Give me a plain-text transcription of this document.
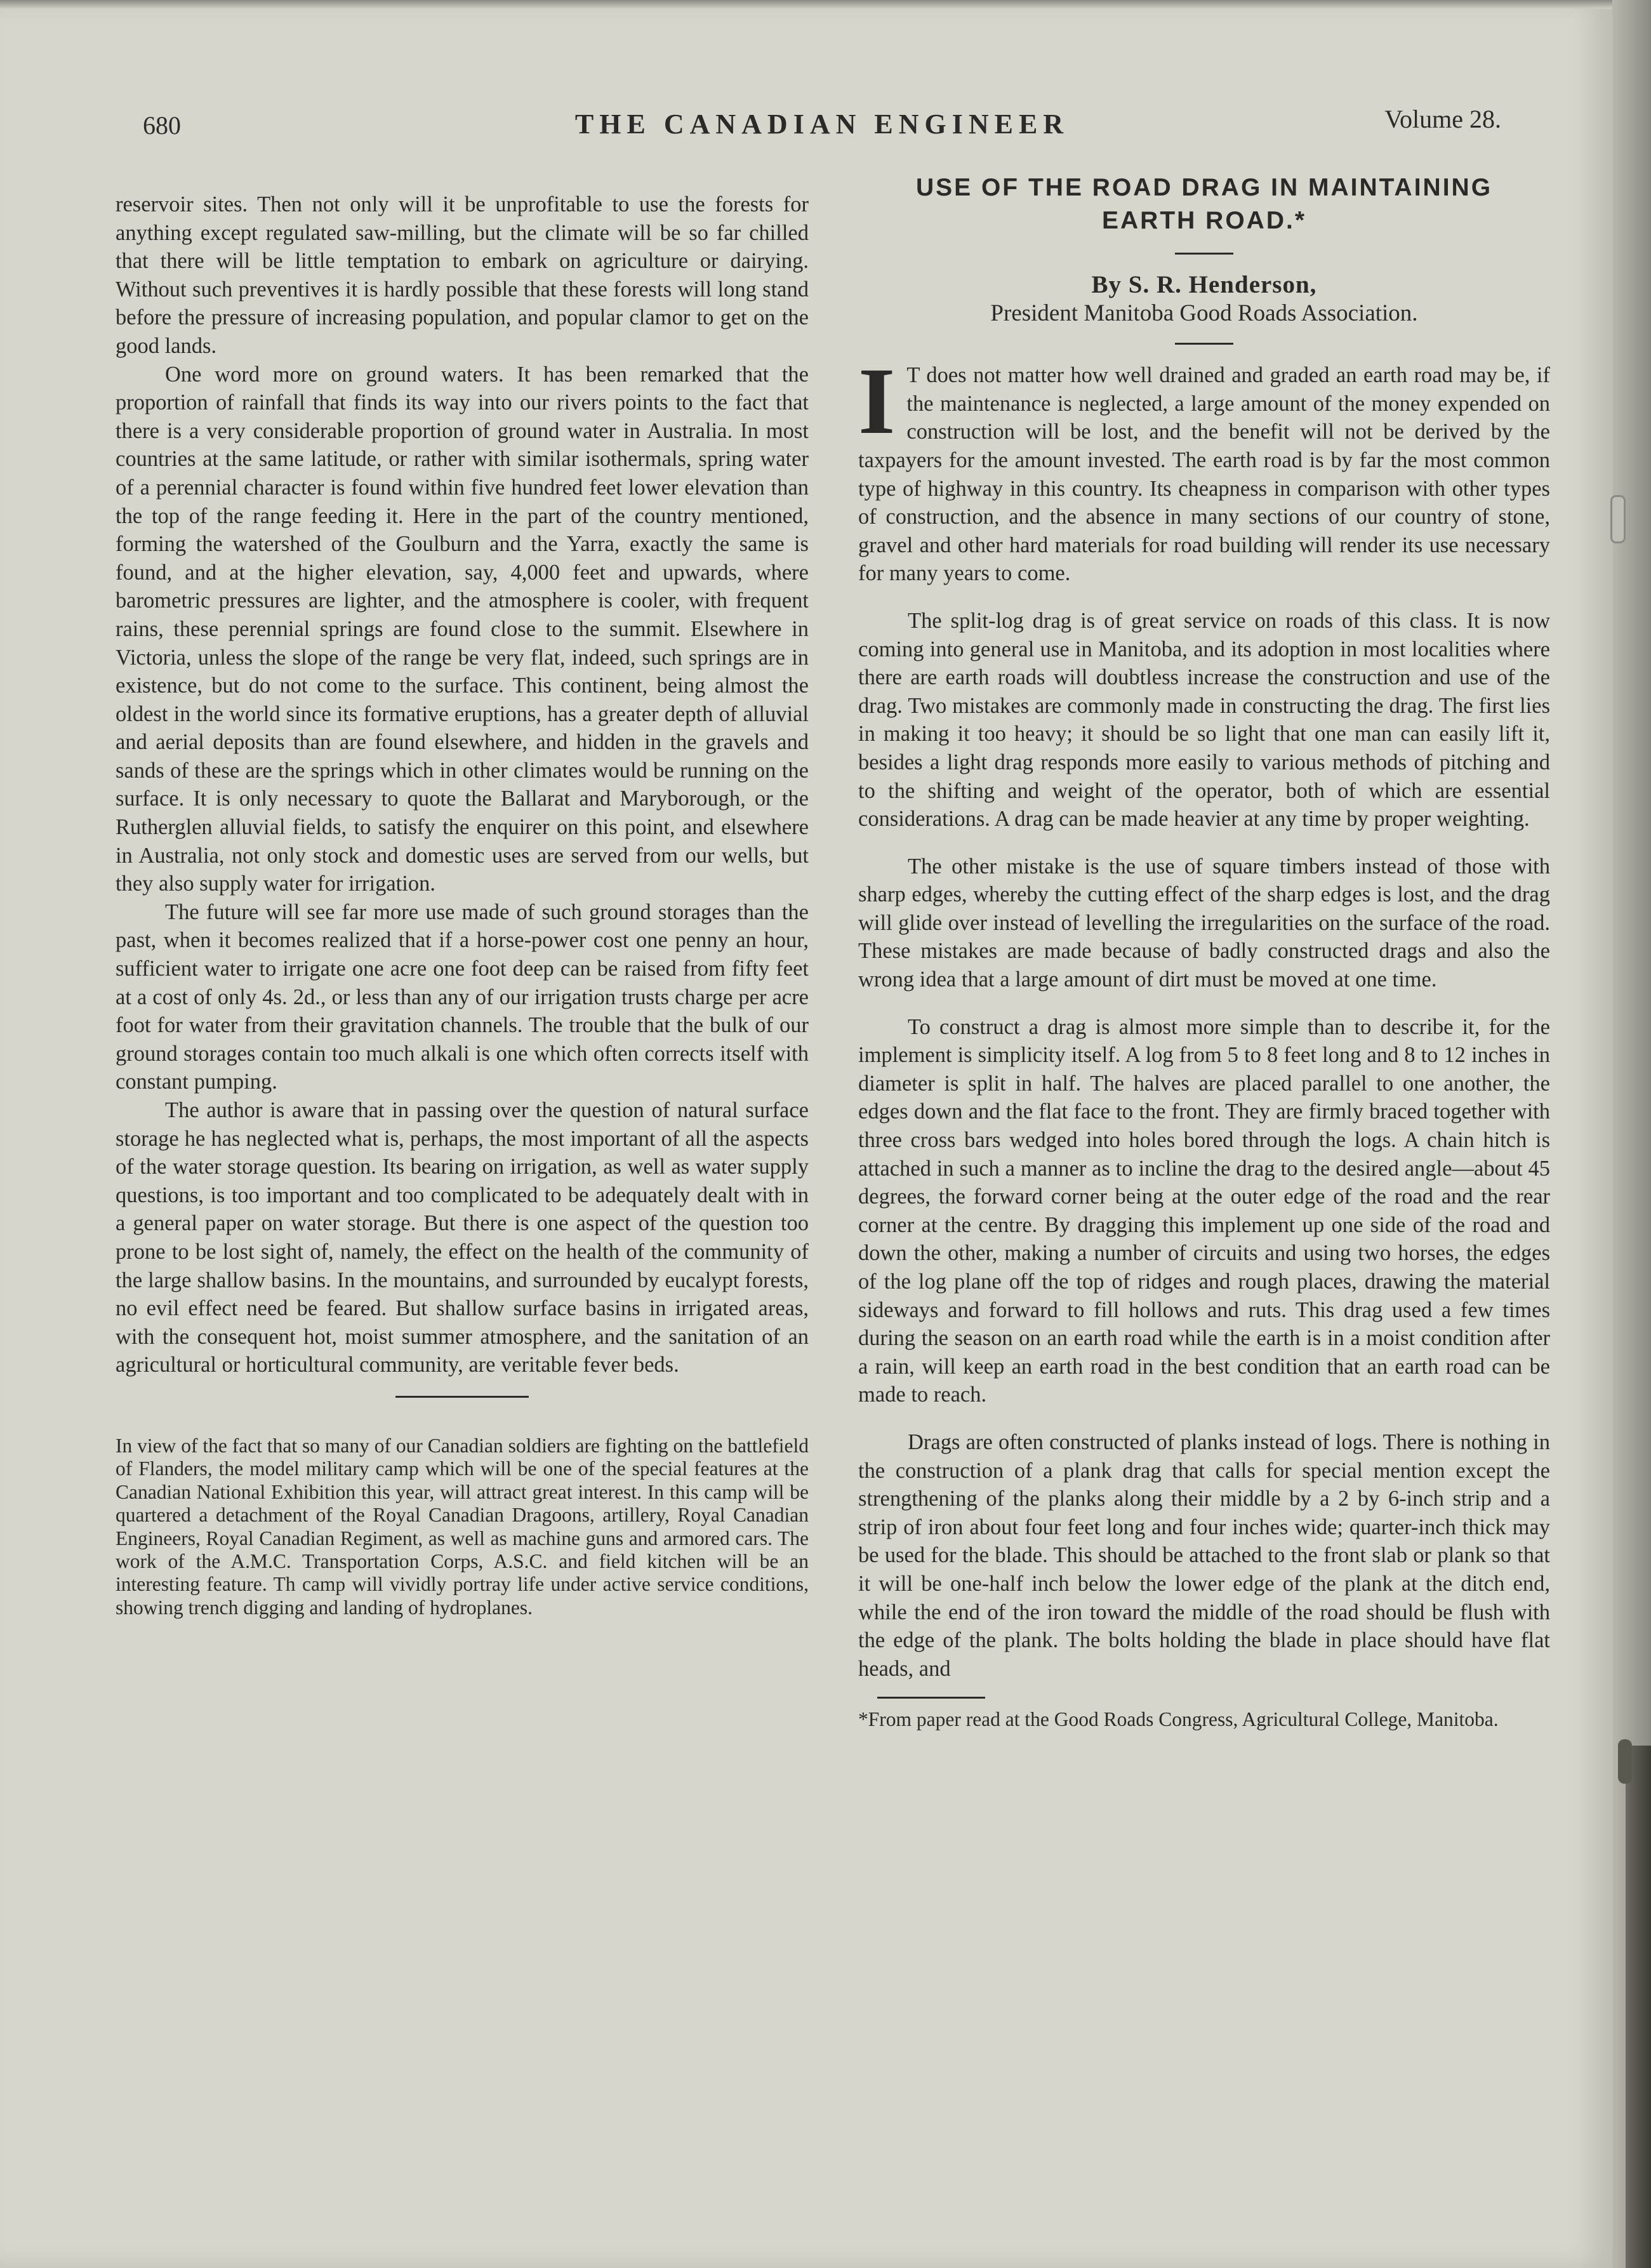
680	THE CANADIAN ENGINEER	Volume 28.

reservoir sites. Then not only will it be unprofitable to use the forests for anything except regulated saw-milling, but the climate will be so far chilled that there will be little temptation to embark on agriculture or dairying. Without such preventives it is hardly possible that these forests will long stand before the pressure of increasing population, and popular clamor to get on the good lands.

One word more on ground waters. It has been remarked that the proportion of rainfall that finds its way into our rivers points to the fact that there is a very considerable proportion of ground water in Australia. In most countries at the same latitude, or rather with similar isothermals, spring water of a perennial character is found within five hundred feet lower elevation than the top of the range feeding it. Here in the part of the country mentioned, forming the watershed of the Goulburn and the Yarra, exactly the same is found, and at the higher elevation, say, 4,000 feet and upwards, where barometric pressures are lighter, and the atmosphere is cooler, with frequent rains, these perennial springs are found close to the summit. Elsewhere in Victoria, unless the slope of the range be very flat, indeed, such springs are in existence, but do not come to the surface. This continent, being almost the oldest in the world since its formative eruptions, has a greater depth of alluvial and aerial deposits than are found elsewhere, and hidden in the gravels and sands of these are the springs which in other climates would be running on the surface. It is only necessary to quote the Ballarat and Maryborough, or the Rutherglen alluvial fields, to satisfy the enquirer on this point, and elsewhere in Australia, not only stock and domestic uses are served from our wells, but they also supply water for irrigation.

The future will see far more use made of such ground storages than the past, when it becomes realized that if a horse-power cost one penny an hour, sufficient water to irrigate one acre one foot deep can be raised from fifty feet at a cost of only 4s. 2d., or less than any of our irrigation trusts charge per acre foot for water from their gravitation channels. The trouble that the bulk of our ground storages contain too much alkali is one which often corrects itself with constant pumping.

The author is aware that in passing over the question of natural surface storage he has neglected what is, perhaps, the most important of all the aspects of the water storage question. Its bearing on irrigation, as well as water supply questions, is too important and too complicated to be adequately dealt with in a general paper on water storage. But there is one aspect of the question too prone to be lost sight of, namely, the effect on the health of the community of the large shallow basins. In the mountains, and surrounded by eucalypt forests, no evil effect need be feared. But shallow surface basins in irrigated areas, with the consequent hot, moist summer atmosphere, and the sanitation of an agricultural or horticultural community, are veritable fever beds.

In view of the fact that so many of our Canadian soldiers are fighting on the battlefield of Flanders, the model military camp which will be one of the special features at the Canadian National Exhibition this year, will attract great interest. In this camp will be quartered a detachment of the Royal Canadian Dragoons, artillery, Royal Canadian Engineers, Royal Canadian Regiment, as well as machine guns and armored cars. The work of the A.M.C. Transportation Corps, A.S.C. and field kitchen will be an interesting feature. Th camp will vividly portray life under active service conditions, showing trench digging and landing of hydroplanes.

USE OF THE ROAD DRAG IN MAINTAINING

EARTH ROAD.*

By S. R. Henderson,

President Manitoba Good Roads Association.

I T does not matter how well drained and graded an earth road may be, if the maintenance is neglected, a large amount of the money expended on construction will be lost, and the benefit will not be derived by the taxpayers for the amount invested. The earth road is by far the most common type of highway in this country. Its cheapness in comparison with other types of construction, and the absence in many sections of our country of stone, gravel and other hard materials for road building will render its use necessary for many years to come.

The split-log drag is of great service on roads of this class. It is now coming into general use in Manitoba, and its adoption in most localities where there are earth roads will doubtless increase the construction and use of the drag. Two mistakes are commonly made in constructing the drag. The first lies in making it too heavy; it should be so light that one man can easily lift it, besides a light drag responds more easily to various methods of pitching and to the shifting and weight of the operator, both of which are essential considerations. A drag can be made heavier at any time by proper weighting.

The other mistake is the use of square timbers instead of those with sharp edges, whereby the cutting effect of the sharp edges is lost, and the drag will glide over instead of levelling the irregularities on the surface of the road. These mistakes are made because of badly constructed drags and also the wrong idea that a large amount of dirt must be moved at one time.

To construct a drag is almost more simple than to describe it, for the implement is simplicity itself. A log from 5 to 8 feet long and 8 to 12 inches in diameter is split in half. The halves are placed parallel to one another, the edges down and the flat face to the front. They are firmly braced together with three cross bars wedged into holes bored through the logs. A chain hitch is attached in such a manner as to incline the drag to the desired angle—about 45 degrees, the forward corner being at the outer edge of the road and the rear corner at the centre. By dragging this implement up one side of the road and down the other, making a number of circuits and using two horses, the edges of the log plane off the top of ridges and rough places, drawing the material sideways and forward to fill hollows and ruts. This drag used a few times during the season on an earth road while the earth is in a moist condition after a rain, will keep an earth road in the best condition that an earth road can be made to reach.

Drags are often constructed of planks instead of logs. There is nothing in the construction of a plank drag that calls for special mention except the strengthening of the planks along their middle by a 2 by 6-inch strip and a strip of iron about four feet long and four inches wide; quarter-inch thick may be used for the blade. This should be attached to the front slab or plank so that it will be one-half inch below the lower edge of the plank at the ditch end, while the end of the iron toward the middle of the road should be flush with the edge of the plank. The bolts holding the blade in place should have flat heads, and

*From paper read at the Good Roads Congress, Agricultural College, Manitoba.
